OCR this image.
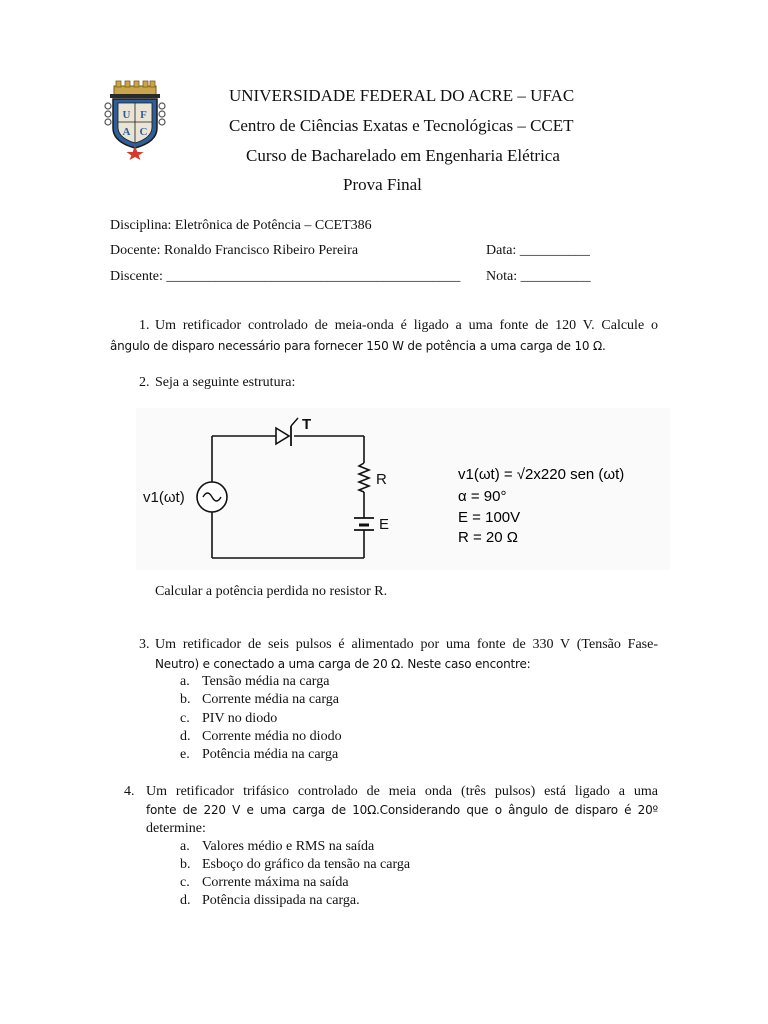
U F
A C
UNIVERSIDADE FEDERAL DO ACRE – UFAC
Centro de Ciências Exatas e Tecnológicas – CCET
Curso de Bacharelado em Engenharia Elétrica
Prova Final
Disciplina: Eletrônica de Potência – CCET386
Docente: Ronaldo Francisco Ribeiro Pereira	Data: __________
Discente: __________________________________________ Nota: __________
1. Um retificador controlado de meia-onda é ligado a uma fonte de 120 V. Calcule o
ângulo de disparo necessário para fornecer 150 W de potência a uma carga de 10 Ω.
2. Seja a seguinte estrutura:
T
R
E
v1(ωt)
v1(ωt) = √2x220 sen (ωt)
α = 90°
E = 100V
R = 20 Ω
Calcular a potência perdida no resistor R.
3. Um retificador de seis pulsos é alimentado por uma fonte de 330 V (Tensão Fase-
Neutro) e conectado a uma carga de 20 Ω. Neste caso encontre:
a. Tensão média na carga
b. Corrente média na carga
c. PIV no diodo
d. Corrente média no diodo
e. Potência média na carga
4. Um retificador trifásico controlado de meia onda (três pulsos) está ligado a uma
fonte de 220 V e uma carga de 10Ω.Considerando que o ângulo de disparo é 20º
determine:
a. Valores médio e RMS na saída
b. Esboço do gráfico da tensão na carga
c. Corrente máxima na saída
d. Potência dissipada na carga.
